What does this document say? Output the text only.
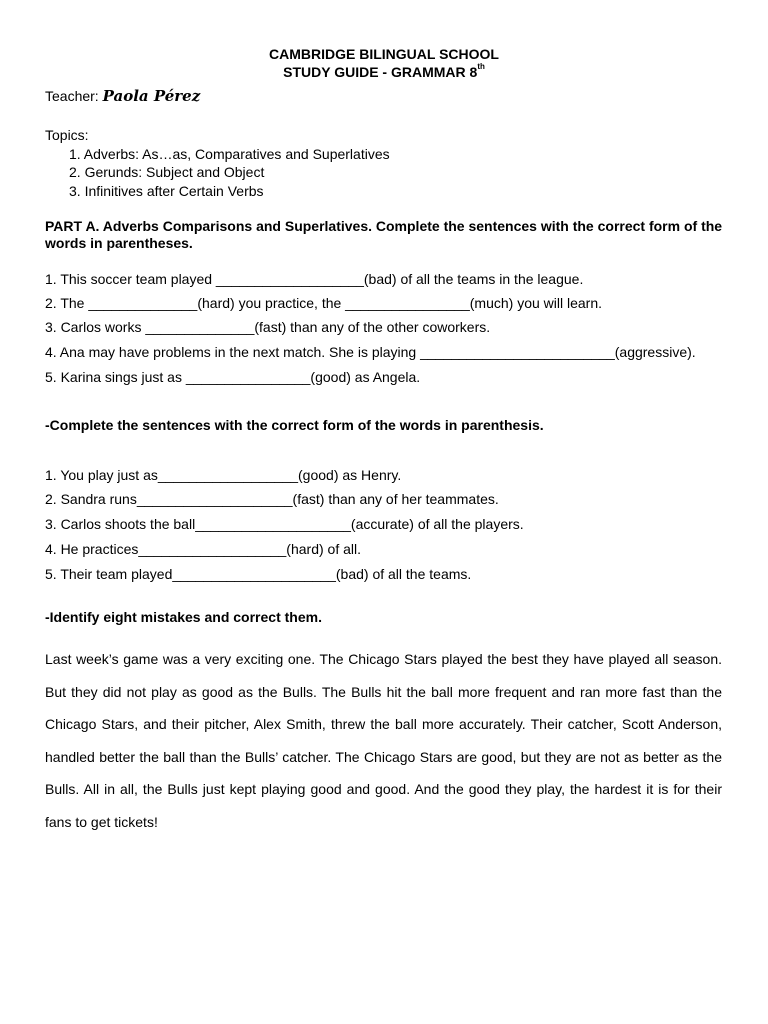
CAMBRIDGE BILINGUAL SCHOOL
STUDY GUIDE - GRAMMAR 8th
Teacher: Paola Pérez
Topics:
1. Adverbs: As…as, Comparatives and Superlatives
2. Gerunds: Subject and Object
3. Infinitives after Certain Verbs
PART A. Adverbs Comparisons and Superlatives. Complete the sentences with the correct form of the words in parentheses.
1. This soccer team played ___________________(bad) of all the teams in the league.
2. The ______________(hard) you practice, the ________________(much) you will learn.
3. Carlos works ______________(fast) than any of the other coworkers.
4. Ana may have problems in the next match. She is playing _________________________(aggressive).
5. Karina sings just as ________________(good) as Angela.
-Complete the sentences with the correct form of the words in parenthesis.
1. You play just as__________________(good) as Henry.
2. Sandra runs____________________(fast) than any of her teammates.
3. Carlos shoots the ball____________________(accurate) of all the players.
4. He practices___________________(hard) of all.
5. Their team played_____________________(bad) of all the teams.
-Identify eight mistakes and correct them.
Last week’s game was a very exciting one. The Chicago Stars played the best they have played all season. But they did not play as good as the Bulls. The Bulls hit the ball more frequent and ran more fast than the Chicago Stars, and their pitcher, Alex Smith, threw the ball more accurately. Their catcher, Scott Anderson, handled better the ball than the Bulls’ catcher. The Chicago Stars are good, but they are not as better as the Bulls. All in all, the Bulls just kept playing good and good. And the good they play, the hardest it is for their fans to get tickets!
